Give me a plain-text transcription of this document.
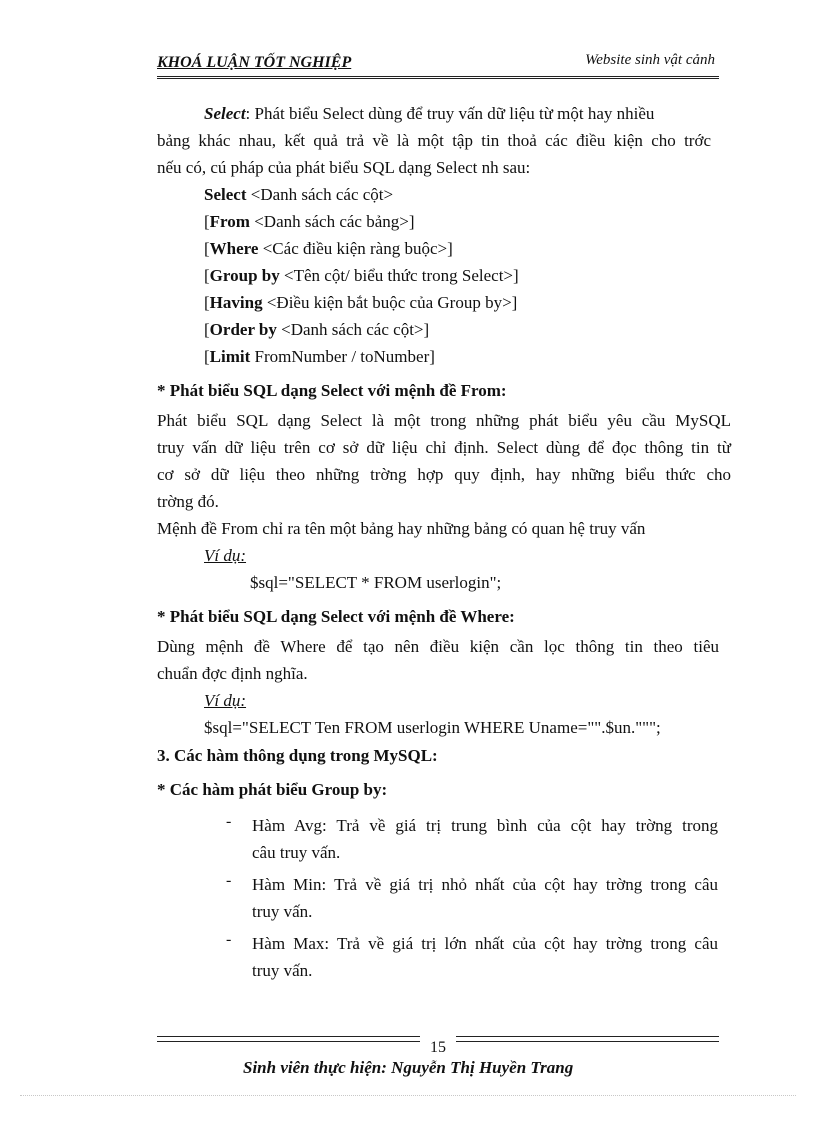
KHOÁ LUẬN TỐT NGHIỆP	Website sinh vật cảnh
Select: Phát biểu Select dùng để truy vấn dữ liệu từ một hay nhiều
bảng khác nhau, kết quả trả về là một tập tin thoả các điều kiện cho trớc
nếu có, cú pháp của phát biểu SQL dạng Select nh sau:
Select <Danh sách các cột>
[From <Danh sách các bảng>]
[Where <Các điều kiện ràng buộc>]
[Group by <Tên cột/ biểu thức trong Select>]
[Having <Điều kiện bắt buộc của Group by>]
[Order by <Danh sách các cột>]
[Limit FromNumber / toNumber]
* Phát biểu SQL dạng Select với mệnh đề From:
Phát biểu SQL dạng Select là một trong những phát biểu yêu cầu MySQL
truy vấn dữ liệu trên cơ sở dữ liệu chỉ định. Select dùng để đọc thông tin từ
cơ sở dữ liệu theo những trờng hợp quy định, hay những biểu thức cho
trờng đó.
Mệnh đề From chỉ ra tên một bảng hay những bảng có quan hệ truy vấn
Ví dụ:
$sql="SELECT * FROM userlogin";
* Phát biểu SQL dạng Select với mệnh đề Where:
Dùng mệnh đề Where để tạo nên điều kiện cần lọc thông tin theo tiêu
chuẩn đợc định nghĩa.
Ví dụ:
$sql="SELECT Ten FROM userlogin WHERE Uname="".$un.""";
3. Các hàm thông dụng trong MySQL:
* Các hàm phát biểu Group by:
- Hàm Avg: Trả về giá trị trung bình của cột hay trờng trong
câu truy vấn.
- Hàm Min: Trả về giá trị nhỏ nhất của cột hay trờng trong câu
truy vấn.
- Hàm Max: Trả về giá trị lớn nhất của cột hay trờng trong câu
truy vấn.
15
Sinh viên thực hiện: Nguyễn Thị Huyền Trang
